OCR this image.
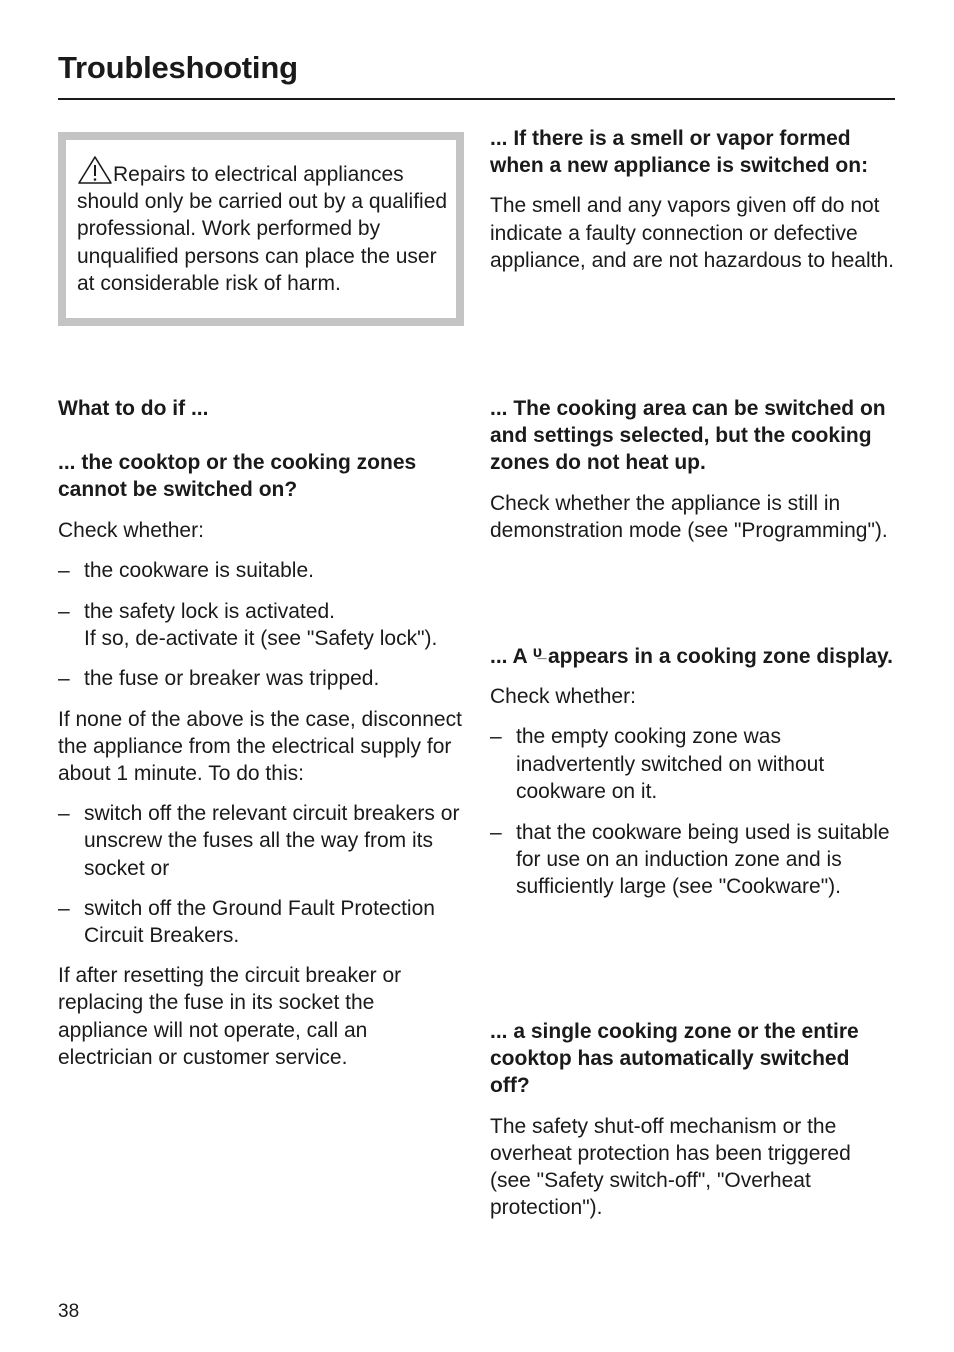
Troubleshooting

Repairs to electrical appliances should only be carried out by a qualified professional. Work performed by unqualified persons can place the user at considerable risk of harm.

What to do if ...

... the cooktop or the cooking zones cannot be switched on?

Check whether:

– the cookware is suitable.
– the safety lock is activated.
If so, de-activate it (see "Safety lock").
– the fuse or breaker was tripped.

If none of the above is the case, disconnect the appliance from the electrical supply for about 1 minute. To do this:

– switch off the relevant circuit breakers or unscrew the fuses all the way from its socket or
– switch off the Ground Fault Protection Circuit Breakers.

If after resetting the circuit breaker or replacing the fuse in its socket the appliance will not operate, call an electrician or customer service.

... If there is a smell or vapor formed when a new appliance is switched on:

The smell and any vapors given off do not indicate a faulty connection or defective appliance, and are not hazardous to health.

... The cooking area can be switched on and settings selected, but the cooking zones do not heat up.

Check whether the appliance is still in demonstration mode (see "Programming").

... A ᴜ̲ appears in a cooking zone display.

Check whether:

– the empty cooking zone was inadvertently switched on without cookware on it.
– that the cookware being used is suitable for use on an induction zone and is sufficiently large (see "Cookware").

... a single cooking zone or the entire cooktop has automatically switched off?

The safety shut-off mechanism or the overheat protection has been triggered (see "Safety switch-off", "Overheat protection").

38
